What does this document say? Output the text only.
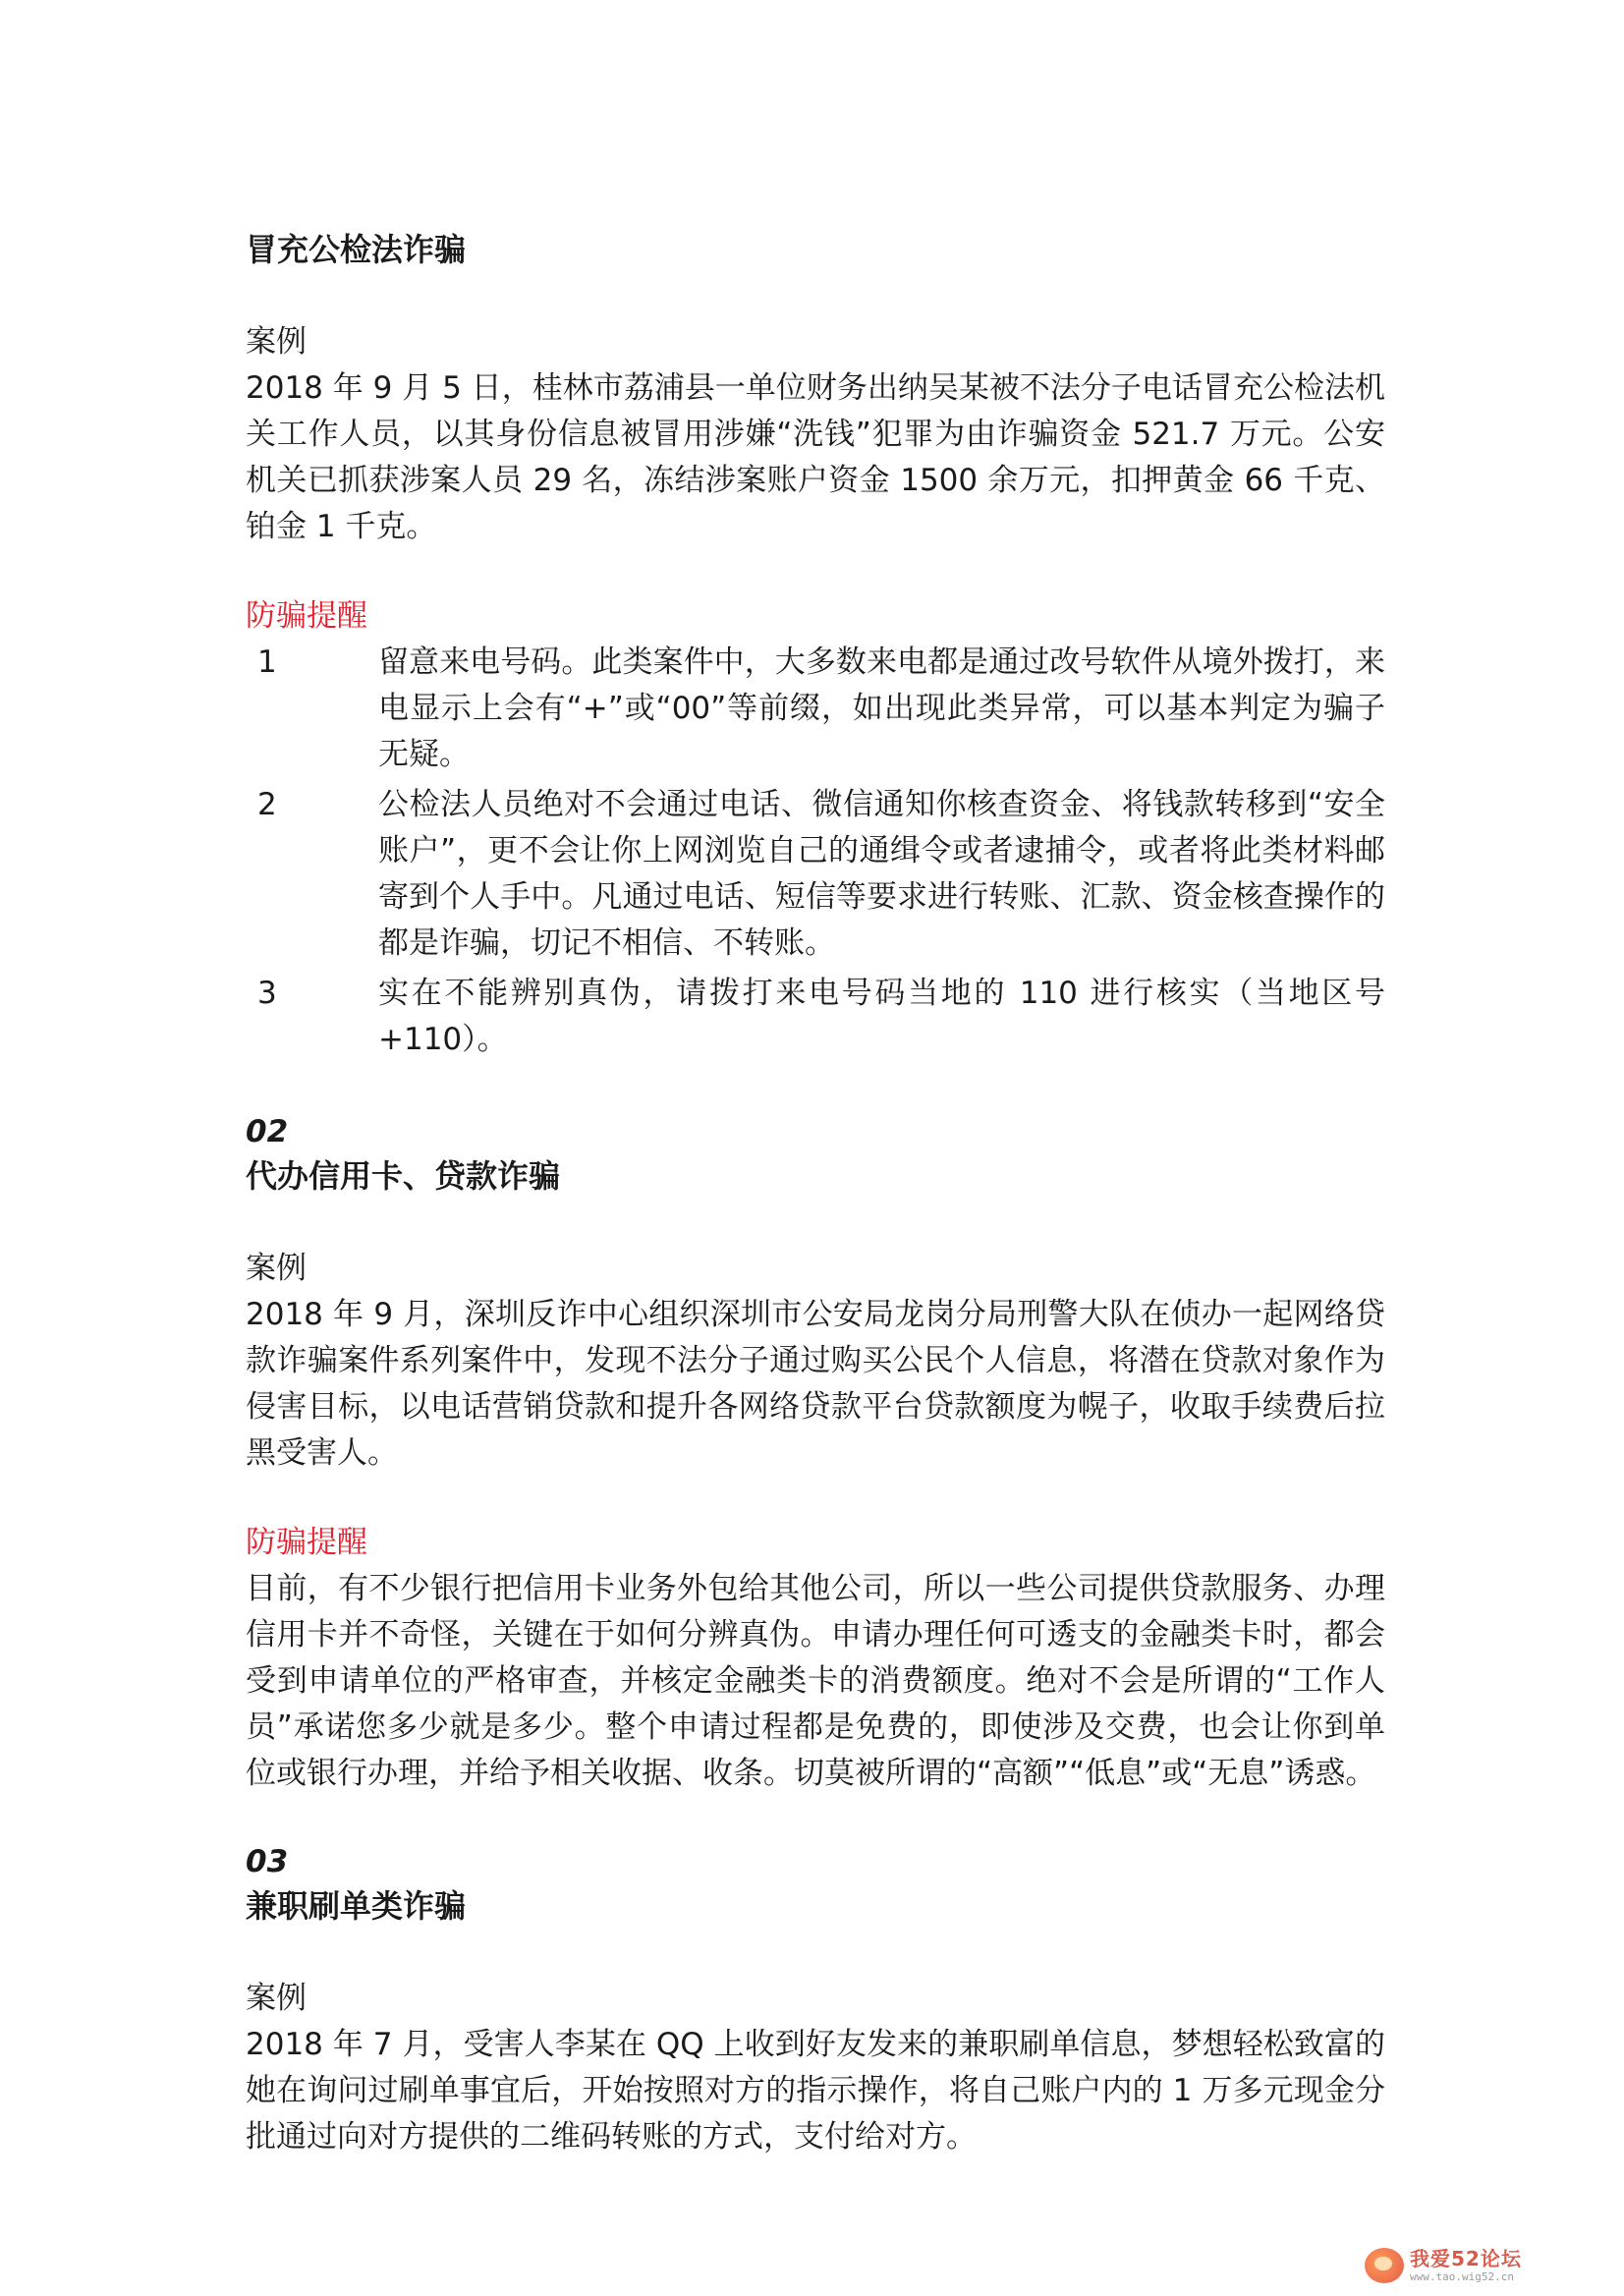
冒充公检法诈骗

案例

2018 年 9 月 5 日，桂林市荔浦县一单位财务出纳吴某被不法分子电话冒充公检法机关工作人员，以其身份信息被冒用涉嫌“洗钱”犯罪为由诈骗资金 521.7 万元。公安机关已抓获涉案人员 29 名，冻结涉案账户资金 1500 余万元，扣押黄金 66 千克、铂金 1 千克。

防骗提醒

1	留意来电号码。此类案件中，大多数来电都是通过改号软件从境外拨打，来电显示上会有“+”或“00”等前缀，如出现此类异常，可以基本判定为骗子无疑。
2	公检法人员绝对不会通过电话、微信通知你核查资金、将钱款转移到“安全账户”，更不会让你上网浏览自己的通缉令或者逮捕令，或者将此类材料邮寄到个人手中。凡通过电话、短信等要求进行转账、汇款、资金核查操作的都是诈骗，切记不相信、不转账。
3	实在不能辨别真伪，请拨打来电号码当地的 110 进行核实（当地区号+110）。

02

代办信用卡、贷款诈骗

案例

2018 年 9 月，深圳反诈中心组织深圳市公安局龙岗分局刑警大队在侦办一起网络贷款诈骗案件系列案件中，发现不法分子通过购买公民个人信息，将潜在贷款对象作为侵害目标，以电话营销贷款和提升各网络贷款平台贷款额度为幌子，收取手续费后拉黑受害人。

防骗提醒

目前，有不少银行把信用卡业务外包给其他公司，所以一些公司提供贷款服务、办理信用卡并不奇怪，关键在于如何分辨真伪。申请办理任何可透支的金融类卡时，都会受到申请单位的严格审查，并核定金融类卡的消费额度。绝对不会是所谓的“工作人员”承诺您多少就是多少。整个申请过程都是免费的，即使涉及交费，也会让你到单位或银行办理，并给予相关收据、收条。切莫被所谓的“高额”“低息”或“无息”诱惑。

03

兼职刷单类诈骗

案例

2018 年 7 月，受害人李某在 QQ 上收到好友发来的兼职刷单信息，梦想轻松致富的她在询问过刷单事宜后，开始按照对方的指示操作，将自己账户内的 1 万多元现金分批通过向对方提供的二维码转账的方式，支付给对方。

我爱52论坛
www.tao.wig52.cn
